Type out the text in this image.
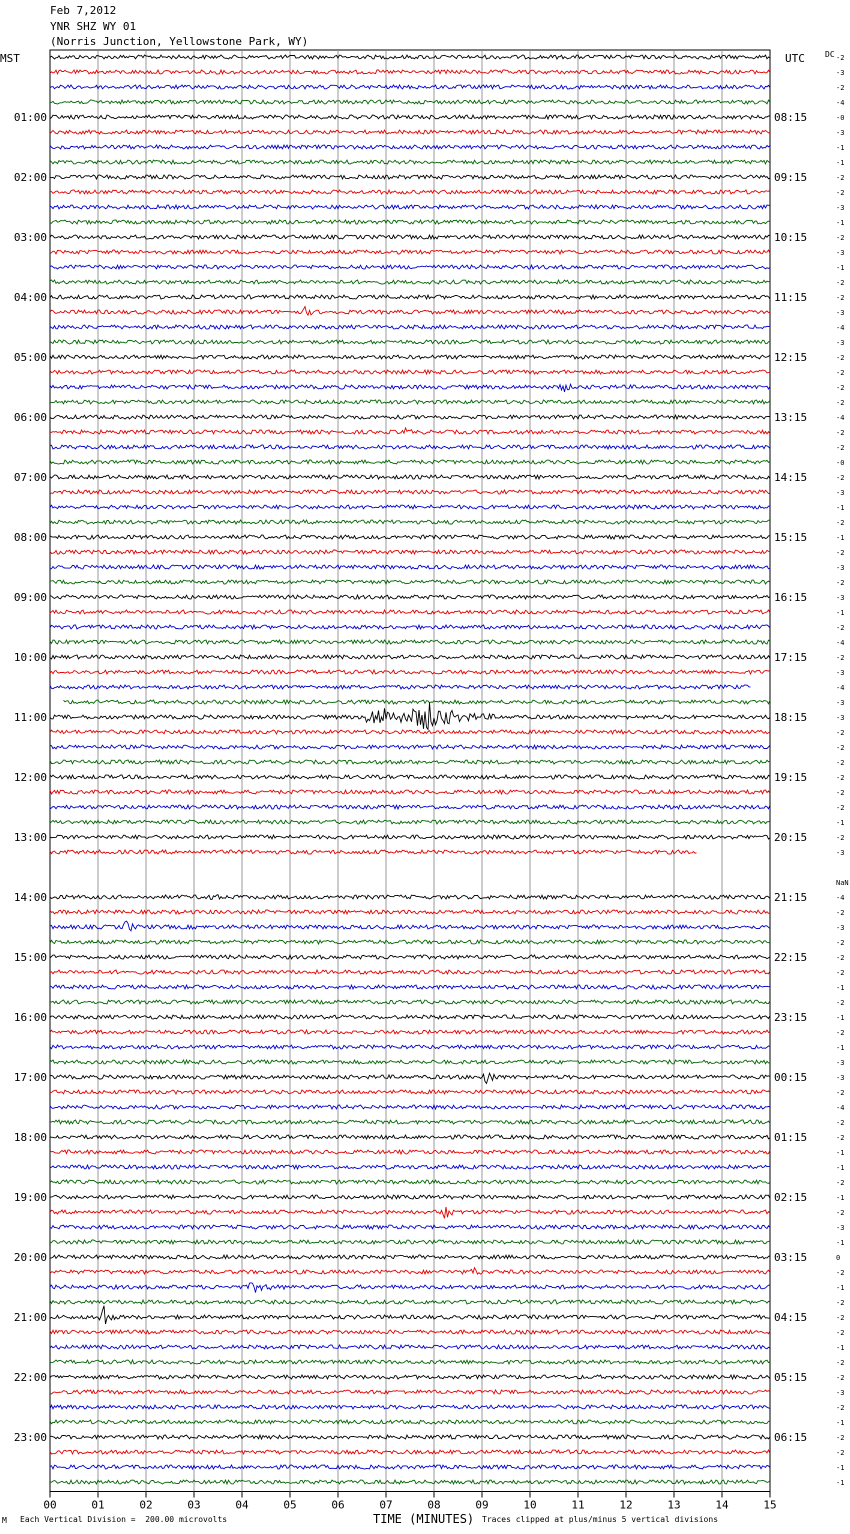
Feb 7,2012
YNR SHZ WY 01
(Norris Junction, Yellowstone Park, WY)
MST	UTC	DC
00	01	02	03	04	05	06	07	08	09	10	11	12	13	14	15
-2
-3
-2
-4
-0
-3
-1
-1
-2
-2
-3
-1
-2
-3
-1
-2
-2
-3
-4
-3
-2
-2
-2
-2
-4
-2
-2
-0
-2
-3
-1
-2
-1
-2
-3
-2
-3
-1
-2
-4
-2
-3
-4
-3
-3
-2
-2
-2
-2
-2
-2
-1
-2
-3
NaN
-4
-2
-3
-2
-2
-2
-1
-2
-1
-2
-1
-3
-3
-2
-4
-2
-2
-1
-1
-2
-1
-2
-3
-1
0
-2
-1
-2
-2
-2
-1
-2
-2
-3
-2
-1
-2
-2
-1
-1
01:00	08:15
02:00	09:15
03:00	10:15
04:00	11:15
05:00	12:15
06:00	13:15
07:00	14:15
08:00	15:15
09:00	16:15
10:00	17:15
11:00	18:15
12:00	19:15
13:00	20:15
14:00	21:15
15:00	22:15
16:00	23:15
17:00	00:15
18:00	01:15
19:00	02:15
20:00	03:15
21:00	04:15
22:00	05:15
23:00	06:15
M Each Vertical Division =  200.00 microvolts	TIME (MINUTES) Traces clipped at plus/minus 5 vertical divisions
